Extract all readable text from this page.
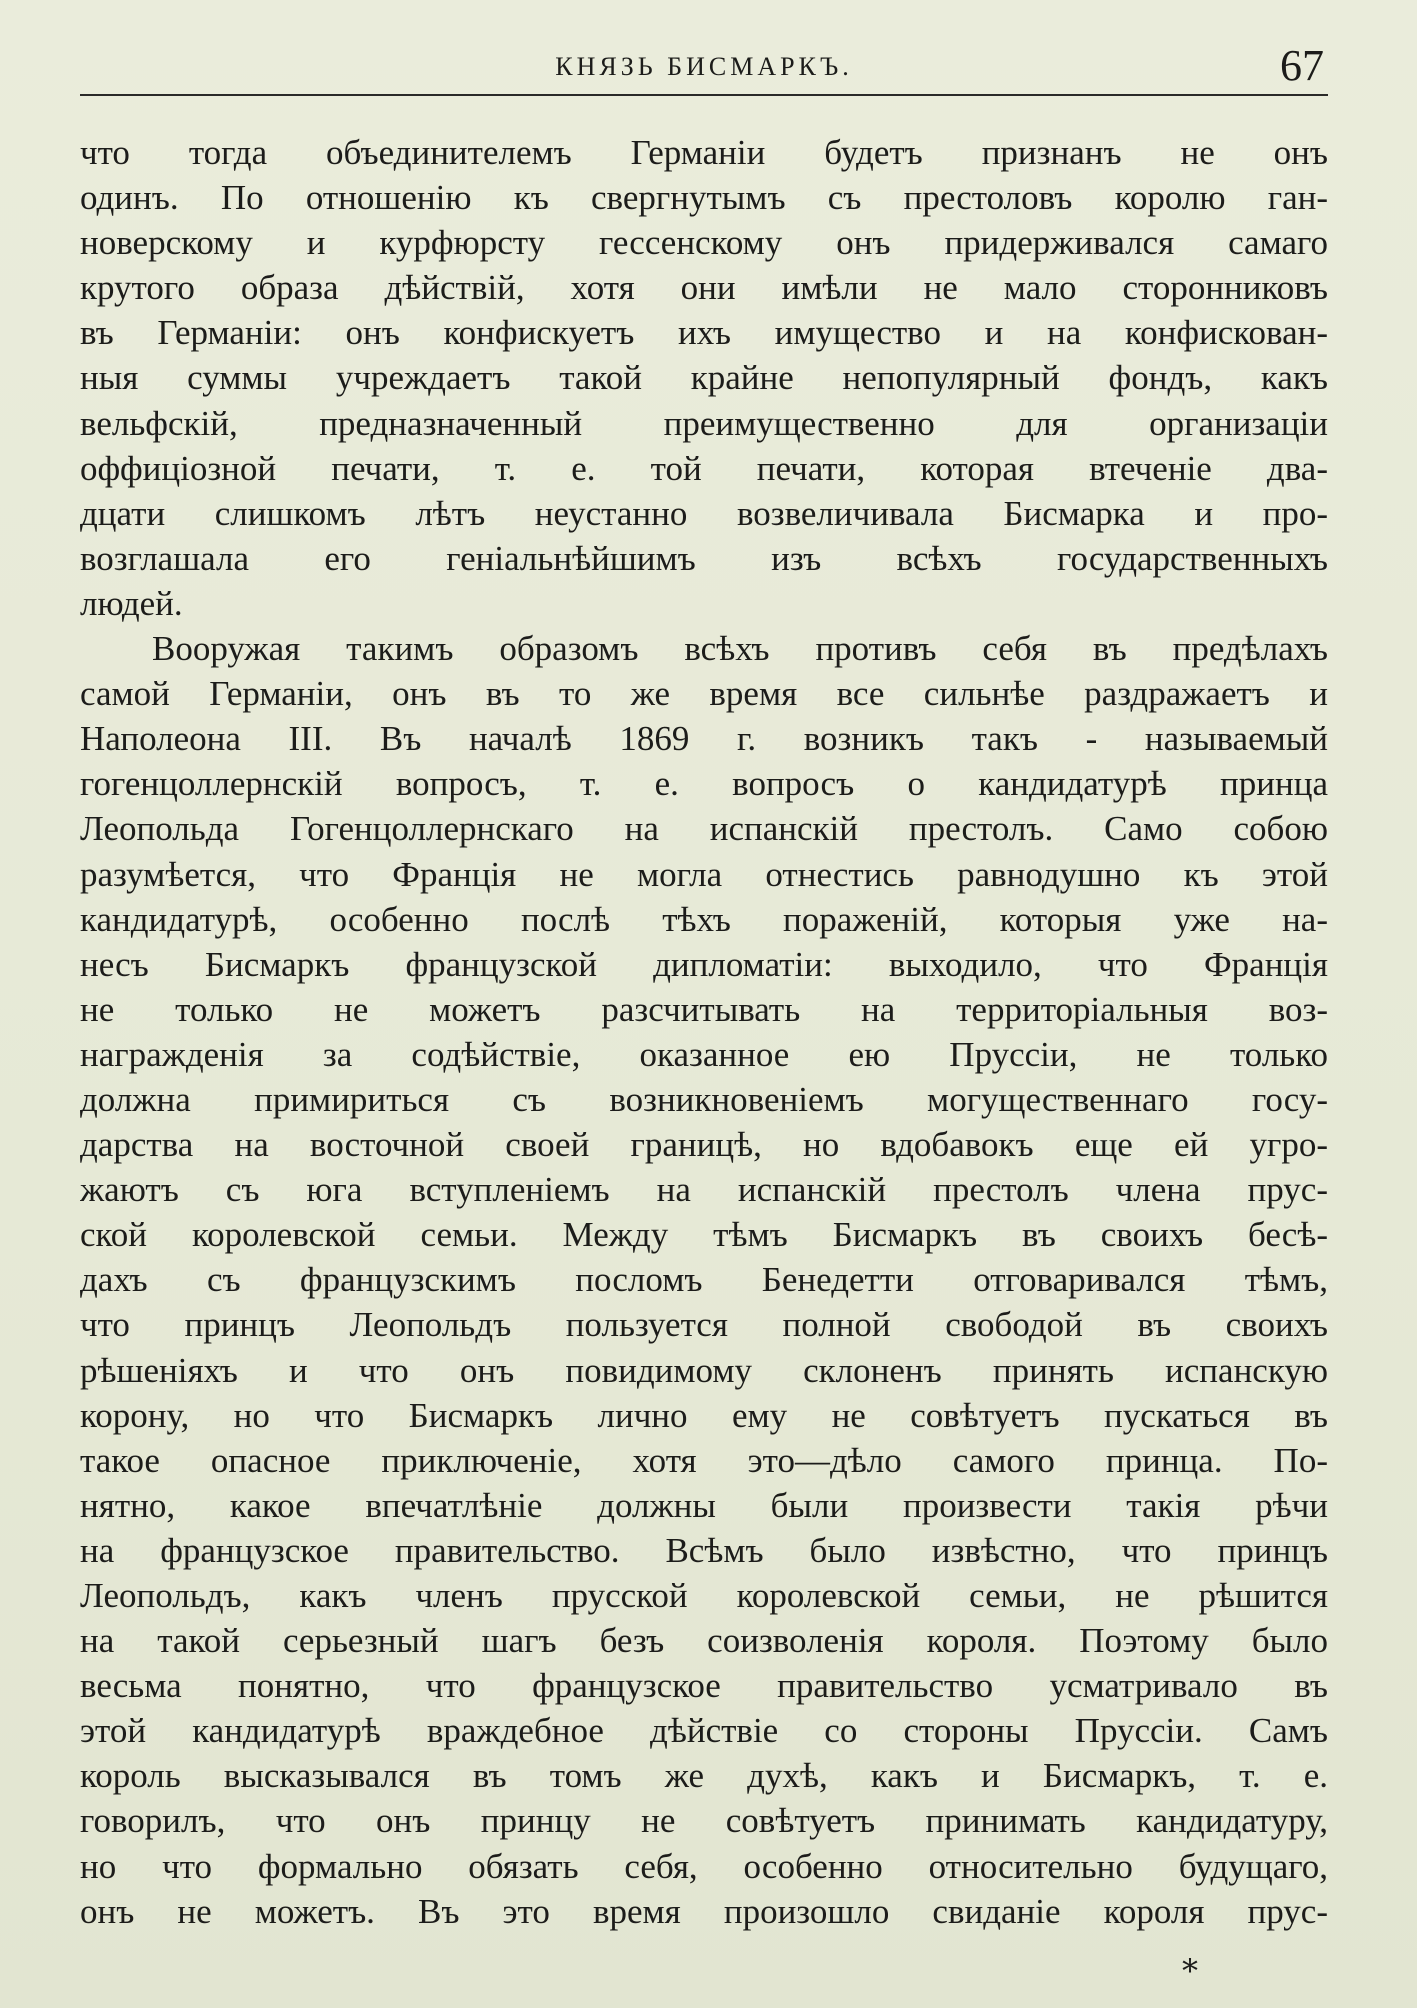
КНЯЗЬ БИСМАРКЪ.	67
что тогда объединителемъ Германіи будетъ признанъ не онъ
одинъ. По отношенію къ свергнутымъ съ престоловъ королю ган-
новерскому и курфюрсту гессенскому онъ придерживался самаго
крутого образа дѣйствій, хотя они имѣли не мало сторонниковъ
въ Германіи: онъ конфискуетъ ихъ имущество и на конфискован-
ныя суммы учреждаетъ такой крайне непопулярный фондъ, какъ
вельфскій, предназначенный преимущественно для организаціи
оффиціозной печати, т. е. той печати, которая втеченіе два-
дцати слишкомъ лѣтъ неустанно возвеличивала Бисмарка и про-
возглашала его геніальнѣйшимъ изъ всѣхъ государственныхъ
людей.
Вооружая такимъ образомъ всѣхъ противъ себя въ предѣлахъ
самой Германіи, онъ въ то же время все сильнѣе раздражаетъ и
Наполеона III. Въ началѣ 1869 г. возникъ такъ - называемый
гогенцоллернскій вопросъ, т. е. вопросъ о кандидатурѣ принца
Леопольда Гогенцоллернскаго на испанскій престолъ. Само собою
разумѣется, что Франція не могла отнестись равнодушно къ этой
кандидатурѣ, особенно послѣ тѣхъ пораженій, которыя уже на-
несъ Бисмаркъ французской дипломатіи: выходило, что Франція
не только не можетъ разсчитывать на территоріальныя воз-
награжденія за содѣйствіе, оказанное ею Пруссіи, не только
должна примириться съ возникновеніемъ могущественнаго госу-
дарства на восточной своей границѣ, но вдобавокъ еще ей угро-
жаютъ съ юга вступленіемъ на испанскій престолъ члена прус-
ской королевской семьи. Между тѣмъ Бисмаркъ въ своихъ бесѣ-
дахъ съ французскимъ посломъ Бенедетти отговаривался тѣмъ,
что принцъ Леопольдъ пользуется полной свободой въ своихъ
рѣшеніяхъ и что онъ повидимому склоненъ принять испанскую
корону, но что Бисмаркъ лично ему не совѣтуетъ пускаться въ
такое опасное приключеніе, хотя это—дѣло самого принца. По-
нятно, какое впечатлѣніе должны были произвести такія рѣчи
на французское правительство. Всѣмъ было извѣстно, что принцъ
Леопольдъ, какъ членъ прусской королевской семьи, не рѣшится
на такой серьезный шагъ безъ соизволенія короля. Поэтому было
весьма понятно, что французское правительство усматривало въ
этой кандидатурѣ враждебное дѣйствіе со стороны Пруссіи. Самъ
король высказывался въ томъ же духѣ, какъ и Бисмаркъ, т. е.
говорилъ, что онъ принцу не совѣтуетъ принимать кандидатуру,
но что формально обязать себя, особенно относительно будущаго,
онъ не можетъ. Въ это время произошло свиданіе короля прус-
*
